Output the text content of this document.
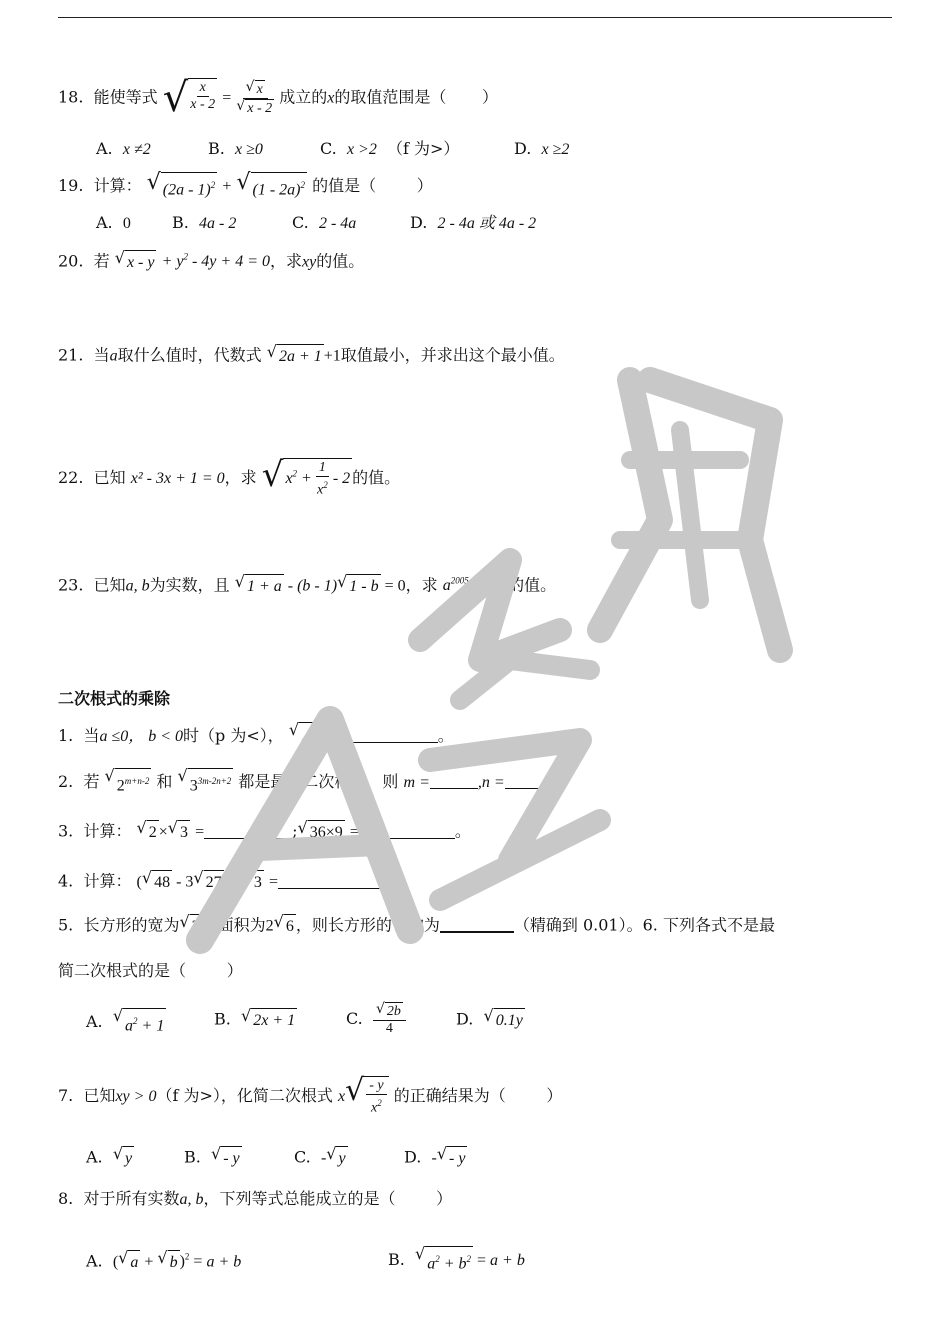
18. 能使等式 √ $\frac{x}{x - 2} = \frac{√ x}{√ x - 2}$ 成立的x的取值范围是（ ）
A. x ≠2	B. x ≥0	C. x >2 （f 为>）	D. x ≥2
19. 计算： √ (2a - 1)$^2$ + √ (1 - 2a)$^2$ 的值是（	）
A. 0	B. 4a - 2	C. 2 - 4a	D. 2 - 4a 或 4a - 2
20. 若 √ $x - y + y^2 - 4y + 4 = 0$，求xy的值。
21. 当a取什么值时，代数式 √ 2a + 1 +1取值最小，并求出这个最小值。
22. 已知 x² - 3x + 1 = 0，求 √ $x^2 + \frac{1}{x^2} - 2$ 的值。
23. 已知a, b为实数，且 √ 1 + a - (b - 1) √ 1 - b = 0，求 $a^{2005} - b^{2006}$的值。
二次根式的乘除
1. 当a ≤0， b < 0时（p 为<）， √
$ab^3$ =	。
2. 若 √
$2^{m+n-2}$ 和 √
$3^{3m-2n+2}$ 都是最简二次根式，则 m =	,n =	。
3. 计算： √ 2 × √ 3 =	; √ 36×9 =	。
4. 计算： ( √ 48 - 3 √ 27 ) ÷ √ 3 =	。
5. 长方形的宽为 √ 3 ，面积为2 √ 6 ，则长方形的长约为	（精确到 0.01）。6. 下列各式不是最
简二次根式的是（	）
A. √
$a^2 + 1$	B. √ 2x + 1	C. $\frac{√ 2b}{4}$	D. √ 0.1y
7. 已知xy > 0（f 为>），化简二次根式 x √ $\frac{- y}{x^2}$ 的正确结果为（	）
A. √ y	B. √ - y	C. - √ y	D. - √ - y
8. 对于所有实数a, b，下列等式总能成立的是（	）
A. ( √ a + √ b )$^2$ = a + b	B. √
$a^2 + b^2 = a + b$
